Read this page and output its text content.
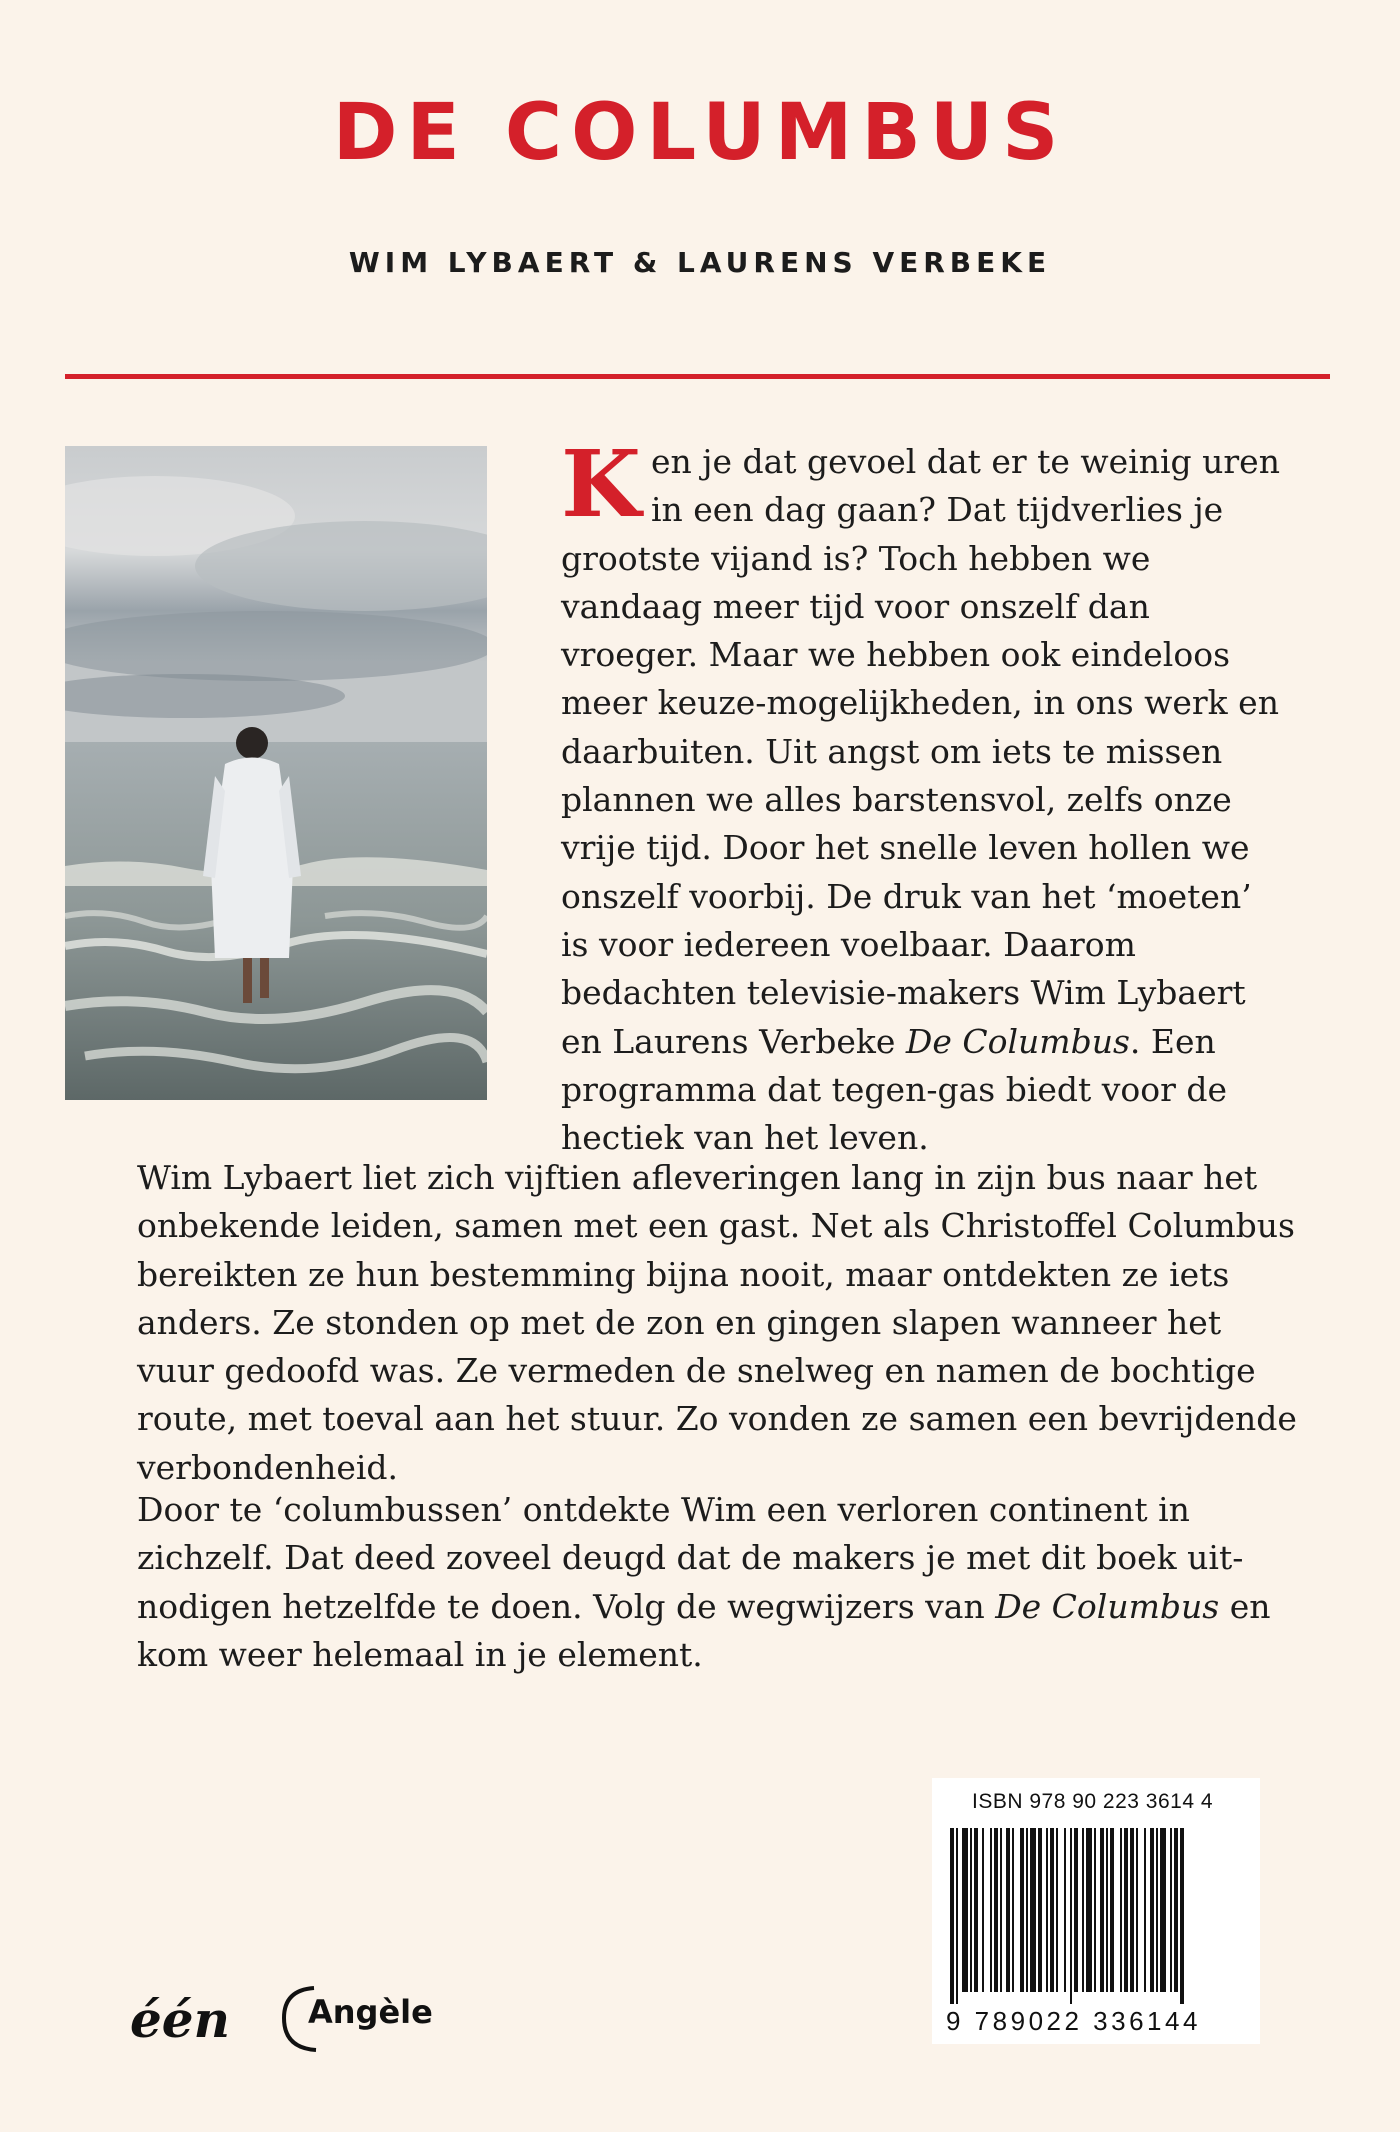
DE COLUMBUS
WIM LYBAERT & LAURENS VERBEKE
K en je dat gevoel dat er te weinig uren in een dag gaan? Dat tijdverlies je grootste vijand is? Toch hebben we vandaag meer tijd voor onszelf dan vroeger. Maar we hebben ook eindeloos meer keuze-mogelijkheden, in ons werk en daarbuiten. Uit angst om iets te missen plannen we alles barstensvol, zelfs onze vrije tijd. Door het snelle leven hollen we onszelf voorbij. De druk van het ‘moeten’ is voor iedereen voelbaar. Daarom bedachten televisie-makers Wim Lybaert en Laurens Verbeke De Columbus. Een programma dat tegen-gas biedt voor de hectiek van het leven.

Wim Lybaert liet zich vijftien afleveringen lang in zijn bus naar het onbekende leiden, samen met een gast. Net als Christoffel Columbus bereikten ze hun bestemming bijna nooit, maar ontdekten ze iets anders. Ze stonden op met de zon en gingen slapen wanneer het vuur gedoofd was. Ze vermeden de snelweg en namen de bochtige route, met toeval aan het stuur. Zo vonden ze samen een bevrijdende verbondenheid.

Door te ‘columbussen’ ontdekte Wim een verloren continent in zichzelf. Dat deed zoveel deugd dat de makers je met dit boek uit-nodigen hetzelfde te doen. Volg de wegwijzers van De Columbus en kom weer helemaal in je element.

ISBN 978 90 223 3614 4
9 789022 336144
één Angèle
